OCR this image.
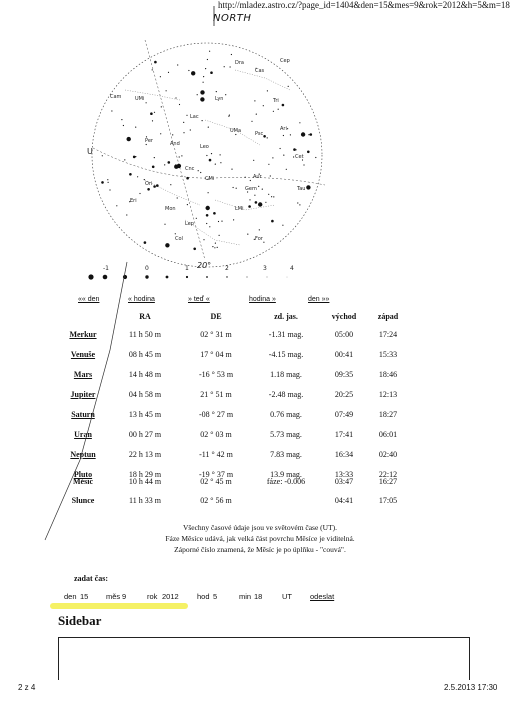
http://mladez.astro.cz/?page_id=1404&den=15&mes=9&rok=2012&h=5&m=18
NORTH
Dra	Cep
Cas
Cam	UMi
Lac
Lyn
UMa
Per	And
Tri
Ari
Psc
Cet
Tau
Aur
Gem
CMi
Cnc
Leo
Ori
Eri
Mon
Lep
Col	For
LMi
U
20°
-1	0	1	2	3	4
«« den	« hodina	» teď «	hodina »	den »»
	RA	DE	zd. jas.	východ	západ
Merkur	11 h 50 m	02 ° 31 m	-1.31 mag.	05:00	17:24
Venuše	08 h 45 m	17 ° 04 m	-4.15 mag.	00:41	15:33
Mars	14 h 48 m	-16 ° 53 m	1.18 mag.	09:35	18:46
Jupiter	04 h 58 m	21 ° 51 m	-2.48 mag.	20:25	12:13
Saturn	13 h 45 m	-08 ° 27 m	0.76 mag.	07:49	18:27
Uran	00 h 27 m	02 ° 03 m	5.73 mag.	17:41	06:01
Neptun	22 h 13 m	-11 ° 42 m	7.83 mag.	16:34	02:40
Pluto	18 h 29 m	-19 ° 37 m	13.9 mag.	13:33	22:12
Měsíc	10 h 44 m	02 ° 45 m	fáze: -0.006	03:47	16:27
Slunce	11 h 33 m	02 ° 56 m		04:41	17:05
Všechny časové údaje jsou ve světovém čase (UT).
Fáze Měsíce udává, jak velká část povrchu Měsíce je viditelná.
Záporné číslo znamená, že Měsíc je po úplňku - "couvá".
zadat čas:
den 15 měs 9	rok 2012 hod 5	min 18	UT odeslat
Sidebar
2 z 4	2.5.2013 17:30
